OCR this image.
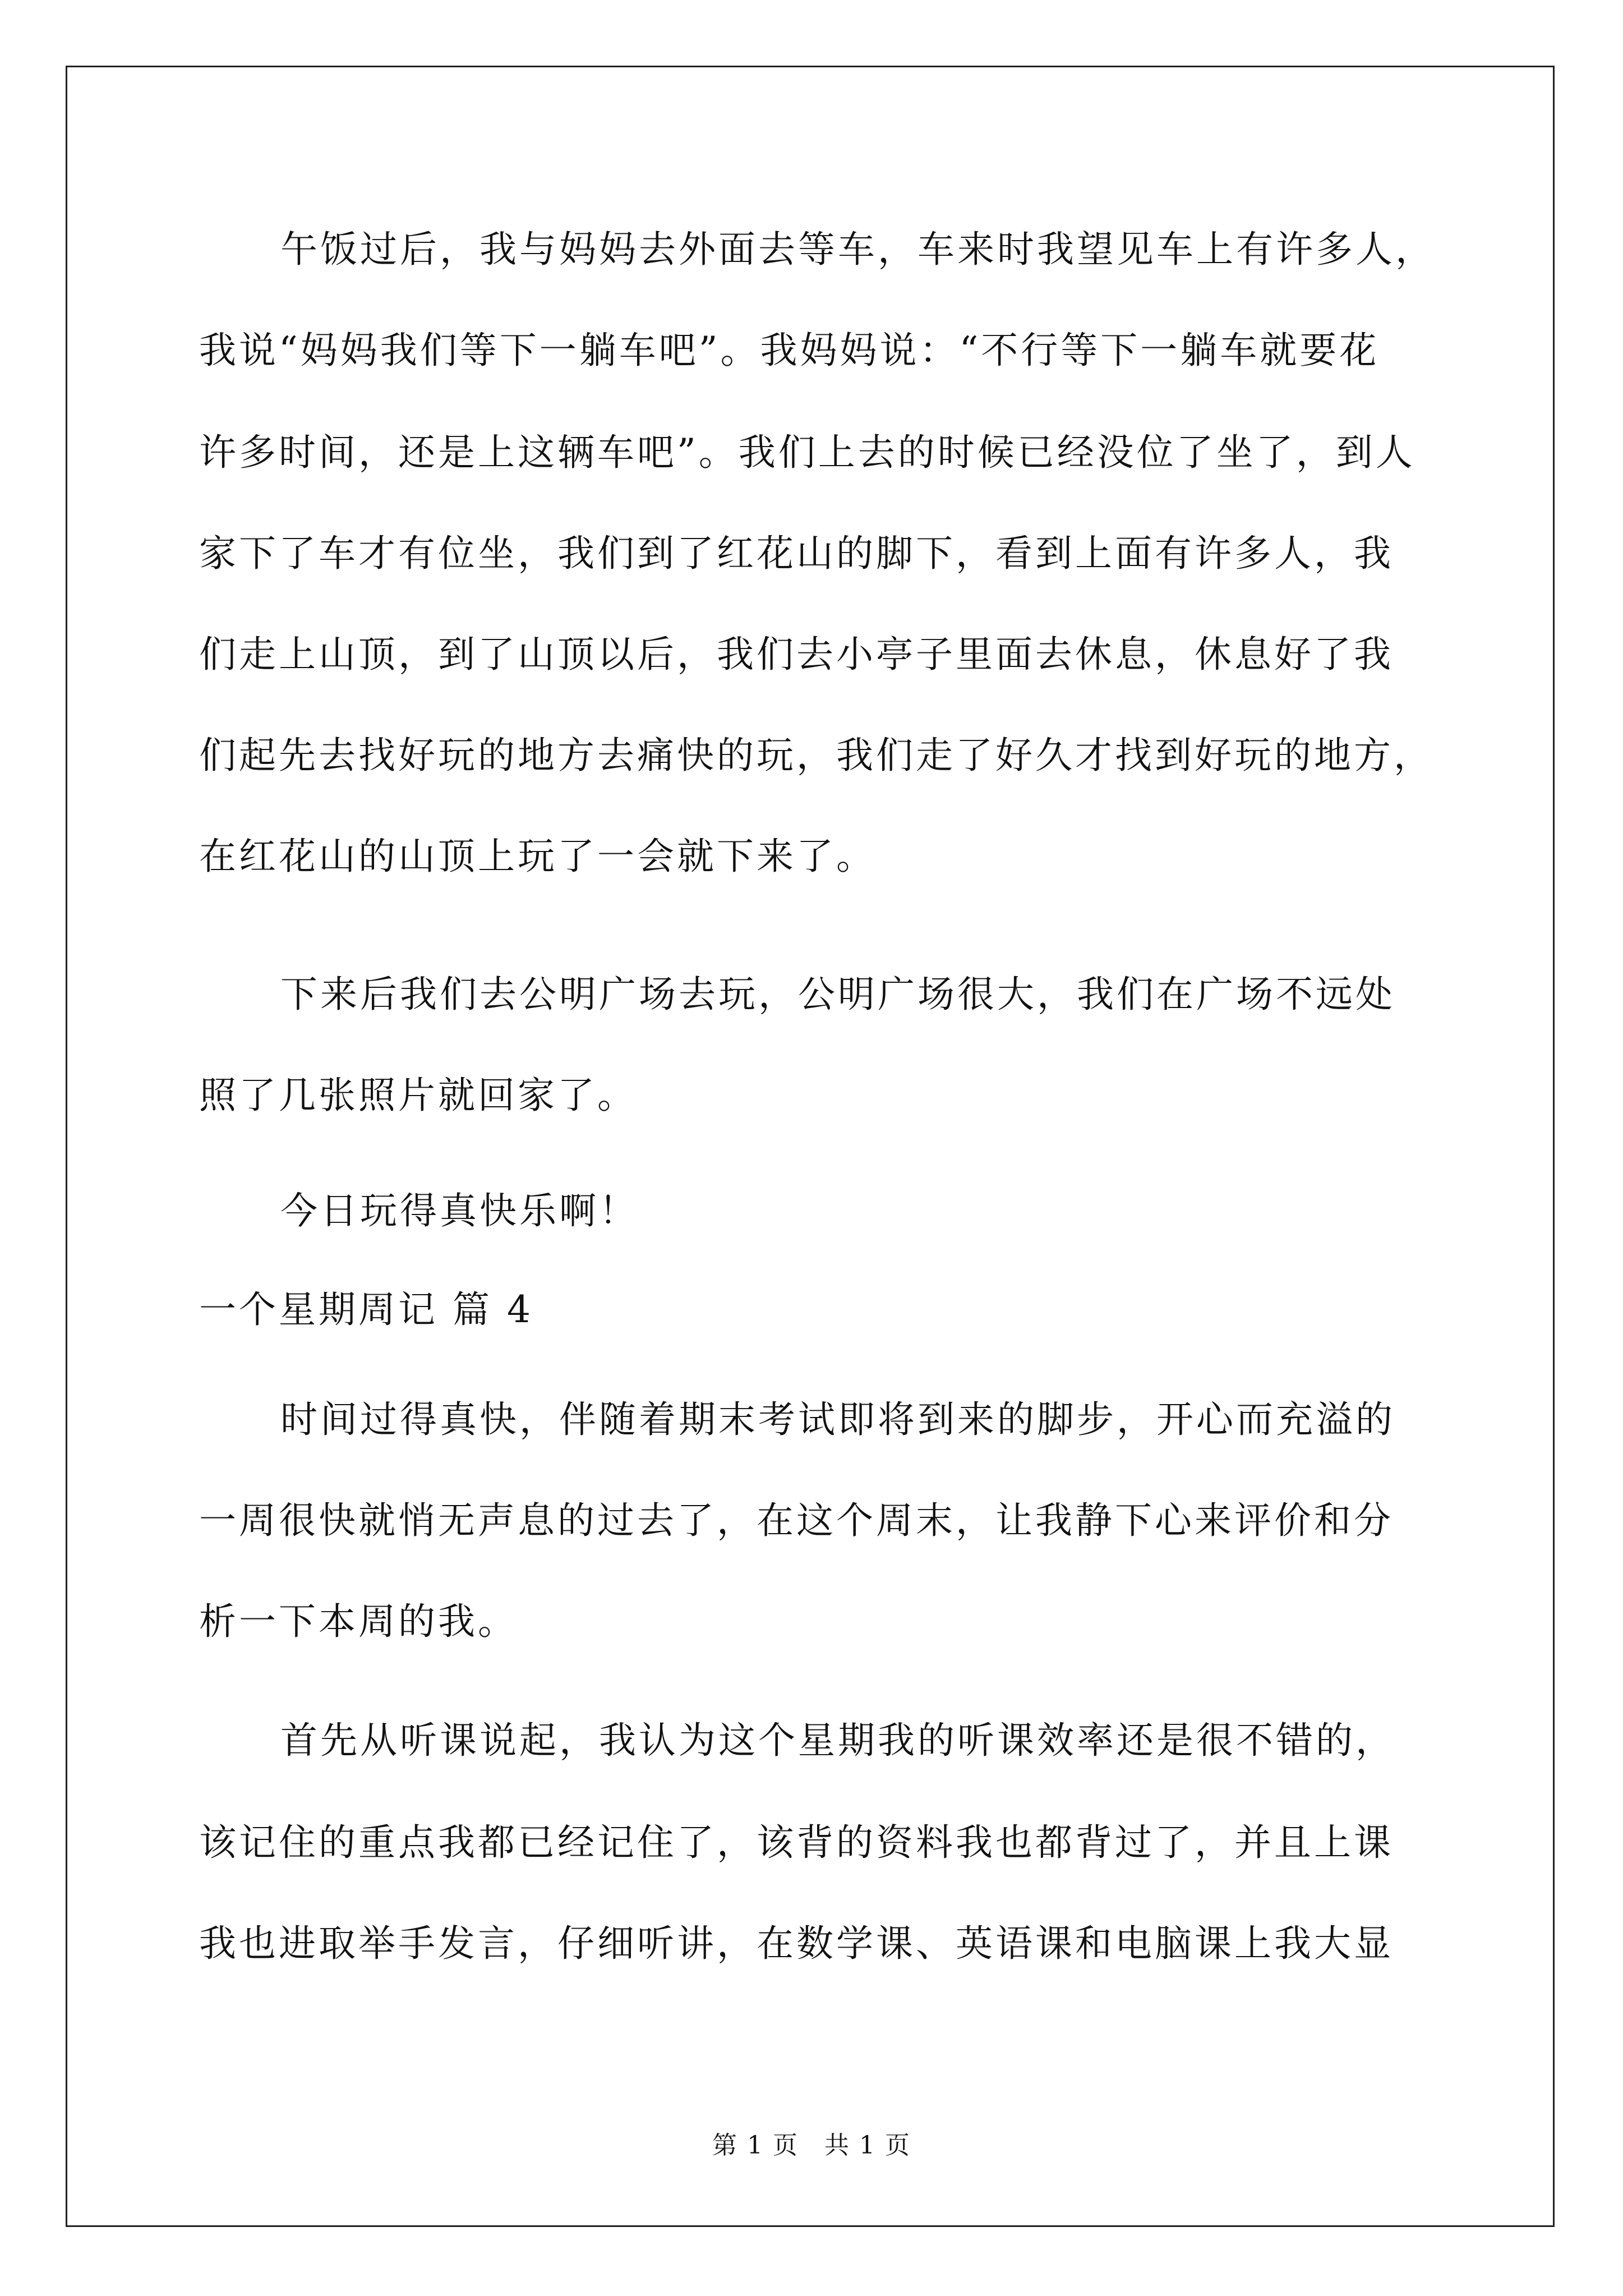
午饭过后，我与妈妈去外面去等车，车来时我望见车上有许多人，
我说“妈妈我们等下一躺车吧”。我妈妈说：“不行等下一躺车就要花
许多时间，还是上这辆车吧”。我们上去的时候已经没位了坐了，到人
家下了车才有位坐，我们到了红花山的脚下，看到上面有许多人，我
们走上山顶，到了山顶以后，我们去小亭子里面去休息，休息好了我
们起先去找好玩的地方去痛快的玩，我们走了好久才找到好玩的地方，
在红花山的山顶上玩了一会就下来了。
下来后我们去公明广场去玩，公明广场很大，我们在广场不远处
照了几张照片就回家了。
今日玩得真快乐啊！
一个星期周记 篇 4
时间过得真快，伴随着期末考试即将到来的脚步，开心而充溢的
一周很快就悄无声息的过去了，在这个周末，让我静下心来评价和分
析一下本周的我。
首先从听课说起，我认为这个星期我的听课效率还是很不错的，
该记住的重点我都已经记住了，该背的资料我也都背过了，并且上课
我也进取举手发言，仔细听讲，在数学课、英语课和电脑课上我大显
第 1 页　共 1 页
